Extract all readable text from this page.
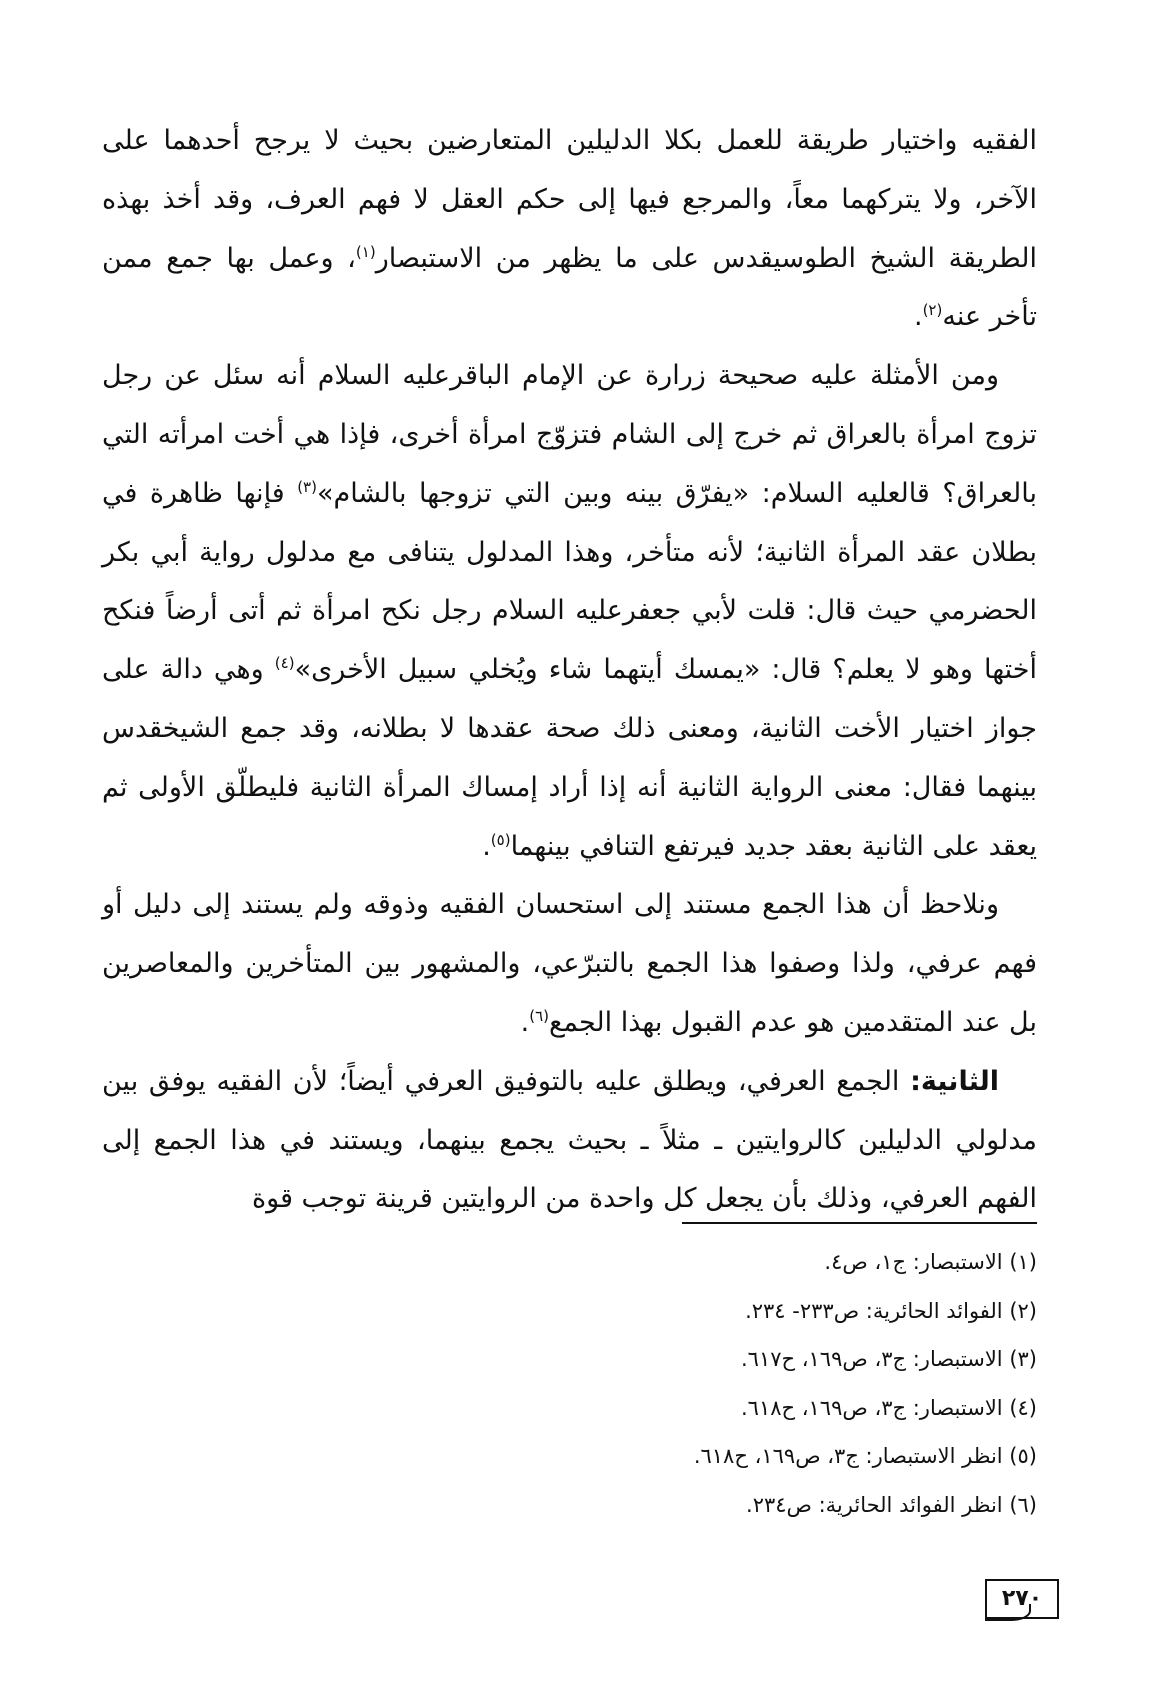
الفقيه واختيار طريقة للعمل بكلا الدليلين المتعارضين بحيث لا يرجح أحدهما على الآخر، ولا يتركهما معاً، والمرجع فيها إلى حكم العقل لا فهم العرف، وقد أخذ بهذه الطريقة الشيخ الطوسيقدس على ما يظهر من الاستبصار$^{(١)}$، وعمل بها جمع ممن تأخر عنه$^{(٢)}$.

ومن الأمثلة عليه صحيحة زرارة عن الإمام الباقرعليه السلام أنه سئل عن رجل تزوج امرأة بالعراق ثم خرج إلى الشام فتزوّج امرأة أخرى، فإذا هي أخت امرأته التي بالعراق؟ قالعليه السلام: «يفرّق بينه وبين التي تزوجها بالشام»$^{(٣)}$ فإنها ظاهرة في بطلان عقد المرأة الثانية؛ لأنه متأخر، وهذا المدلول يتنافى مع مدلول رواية أبي بكر الحضرمي حيث قال: قلت لأبي جعفرعليه السلام رجل نكح امرأة ثم أتى أرضاً فنكح أختها وهو لا يعلم؟ قال: «يمسك أيتهما شاء ويُخلي سبيل الأخرى»$^{(٤)}$ وهي دالة على جواز اختيار الأخت الثانية، ومعنى ذلك صحة عقدها لا بطلانه، وقد جمع الشيخقدس بينهما فقال: معنى الرواية الثانية أنه إذا أراد إمساك المرأة الثانية فليطلّق الأولى ثم يعقد على الثانية بعقد جديد فيرتفع التنافي بينهما$^{(٥)}$.

ونلاحظ أن هذا الجمع مستند إلى استحسان الفقيه وذوقه ولم يستند إلى دليل أو فهم عرفي، ولذا وصفوا هذا الجمع بالتبرّعي، والمشهور بين المتأخرين والمعاصرين بل عند المتقدمين هو عدم القبول بهذا الجمع$^{(٦)}$.

الثانية: الجمع العرفي، ويطلق عليه بالتوفيق العرفي أيضاً؛ لأن الفقيه يوفق بين مدلولي الدليلين كالروايتين ـ مثلاً ـ بحيث يجمع بينهما، ويستند في هذا الجمع إلى الفهم العرفي، وذلك بأن يجعل كل واحدة من الروايتين قرينة توجب قوة

(١) الاستبصار: ج١، ص٤.
(٢) الفوائد الحائرية: ص٢٣٣- ٢٣٤.
(٣) الاستبصار: ج٣، ص١٦٩، ح٦١٧.
(٤) الاستبصار: ج٣، ص١٦٩، ح٦١٨.
(٥) انظر الاستبصار: ج٣، ص١٦٩، ح٦١٨.
(٦) انظر الفوائد الحائرية: ص٢٣٤.
٢٧٠
